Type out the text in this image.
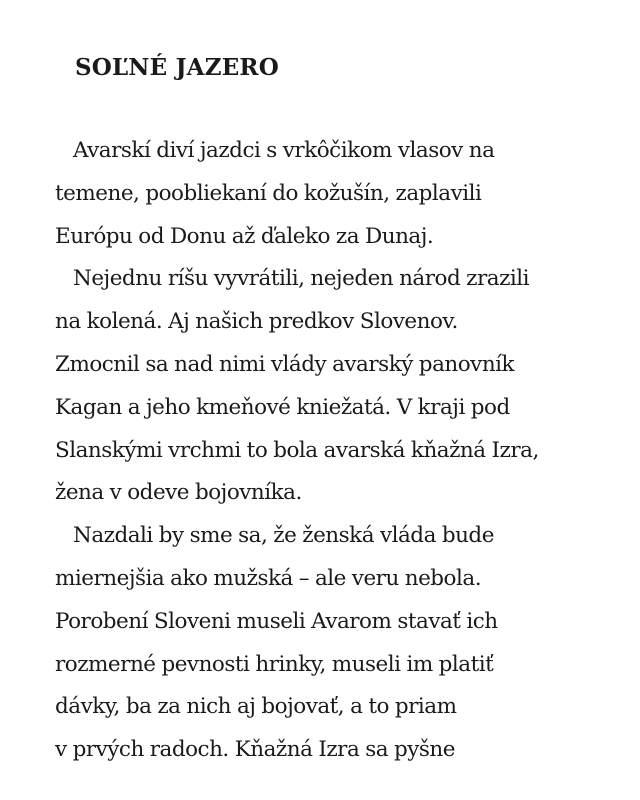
SOĽNÉ JAZERO

Avarskí diví jazdci s vrkôčikom vlasov na
temene, poobliekaní do kožušín, zaplavili
Európu od Donu až ďaleko za Dunaj.

Nejednu ríšu vyvrátili, nejeden národ zrazili
na kolená. Aj našich predkov Slovenov.
Zmocnil sa nad nimi vlády avarský panovník
Kagan a jeho kmeňové kniežatá. V kraji pod
Slanskými vrchmi to bola avarská kňažná Izra,
žena v odeve bojovníka.

Nazdali by sme sa, že ženská vláda bude
miernejšia ako mužská – ale veru nebola.
Porobení Sloveni museli Avarom stavať ich
rozmerné pevnosti hrinky, museli im platiť
dávky, ba za nich aj bojovať, a to priam
v prvých radoch. Kňažná Izra sa pyšne
